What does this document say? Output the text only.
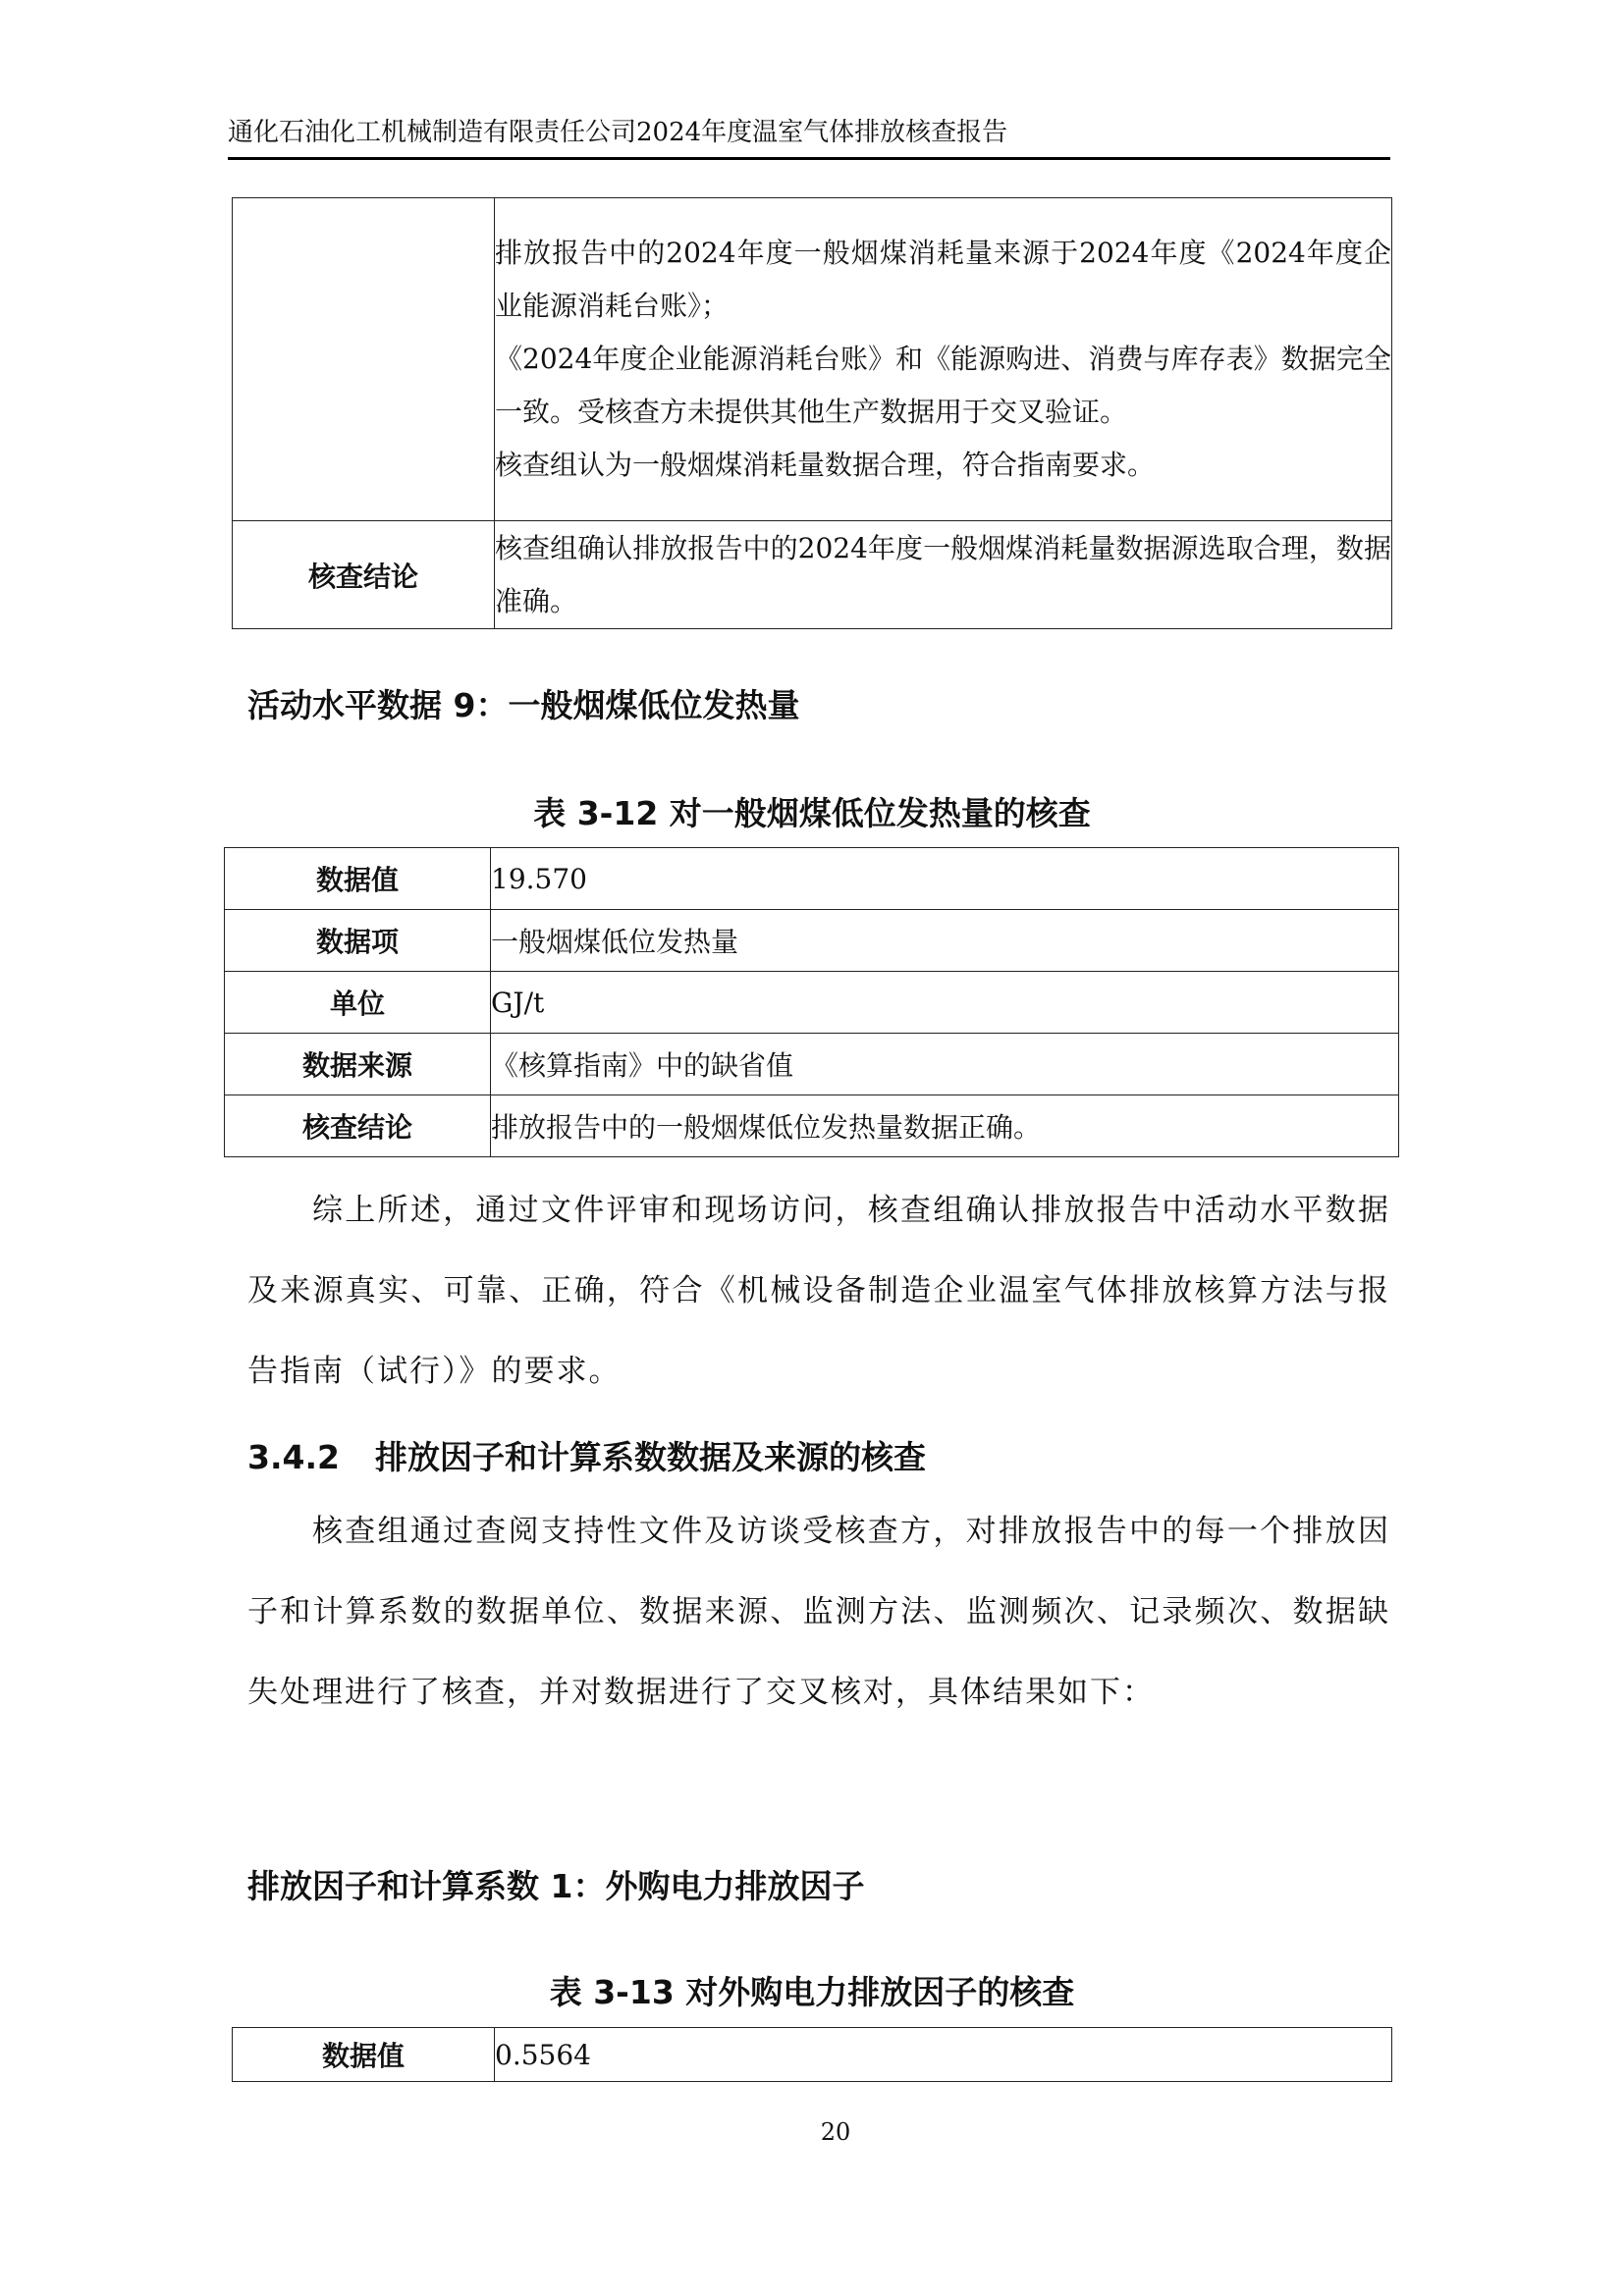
通化石油化工机械制造有限责任公司2024年度温室气体排放核查报告

	排放报告中的2024年度一般烟煤消耗量来源于2024年度《2024年度企业能源消耗台账》；

《2024年度企业能源消耗台账》和《能源购进、消费与库存表》数据完全一致。受核查方未提供其他生产数据用于交叉验证。

核查组认为一般烟煤消耗量数据合理，符合指南要求。

核查结论	核查组确认排放报告中的2024年度一般烟煤消耗量数据源选取合理，数据准确。

活动水平数据 9：一般烟煤低位发热量
表 3-12 对一般烟煤低位发热量的核查
数据值	19.570
数据项	一般烟煤低位发热量
单位	GJ/t
数据来源	《核算指南》中的缺省值
核查结论	排放报告中的一般烟煤低位发热量数据正确。

综上所述，通过文件评审和现场访问，核查组确认排放报告中活动水平数据及来源真实、可靠、正确，符合《机械设备制造企业温室气体排放核算方法与报告指南（试行）》的要求。

3.4.2 排放因子和计算系数数据及来源的核查

核查组通过查阅支持性文件及访谈受核查方，对排放报告中的每一个排放因子和计算系数的数据单位、数据来源、监测方法、监测频次、记录频次、数据缺失处理进行了核查，并对数据进行了交叉核对，具体结果如下：

排放因子和计算系数 1：外购电力排放因子
表 3-13 对外购电力排放因子的核查
数据值	0.5564
20
